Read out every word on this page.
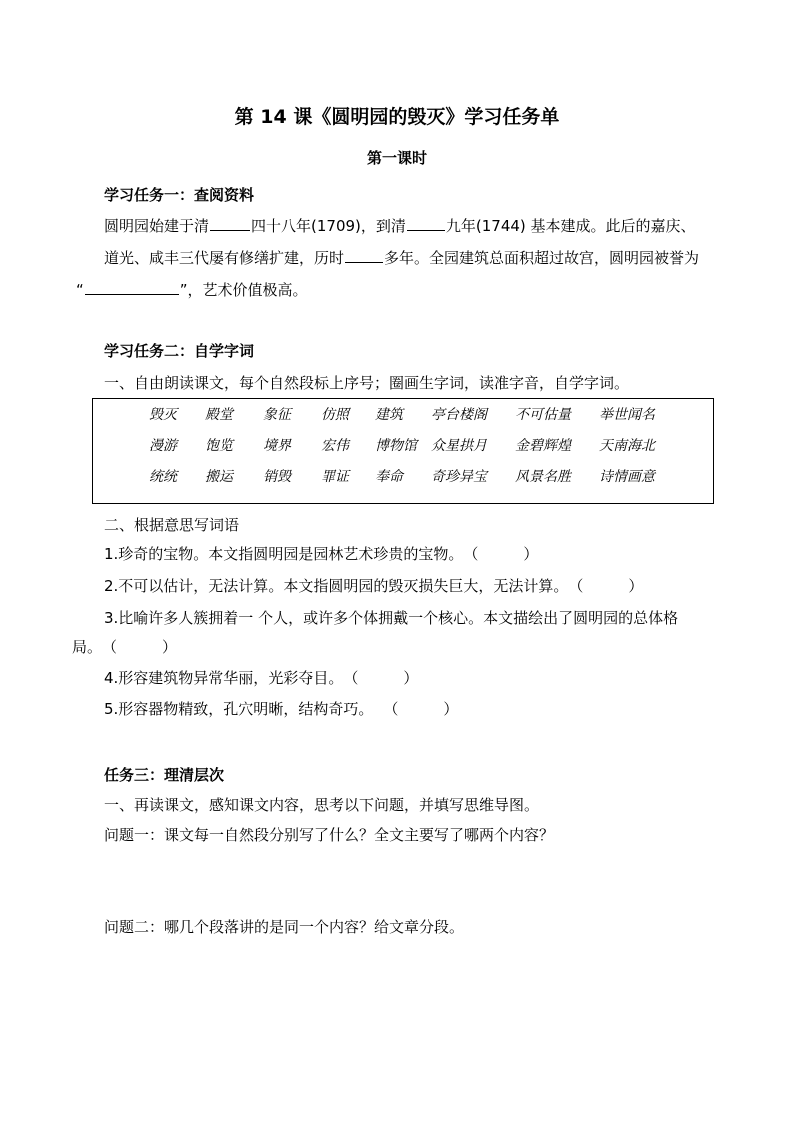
第 14 课《圆明园的毁灭》学习任务单
第一课时
学习任务一：查阅资料
圆明园始建于清	四十八年(1709)，到清	九年(1744) 基本建成。此后的嘉庆、
道光、咸丰三代屡有修缮扩建，历时	多年。全园建筑总面积超过故宫，圆明园被誉为
“	”，艺术价值极高。
学习任务二：自学字词
一、自由朗读课文，每个自然段标上序号；圈画生字词，读准字音，自学字词。
毁灭 殿堂 象征 仿照 建筑 亭台楼阁 不可估量 举世闻名
漫游 饱览 境界 宏伟 博物馆 众星拱月 金碧辉煌 天南海北
统统 搬运 销毁 罪证 奉命 奇珍异宝 风景名胜 诗情画意
二、根据意思写词语
1.珍奇的宝物。本文指圆明园是园林艺术珍贵的宝物。（　　　）
2.不可以估计，无法计算。本文指圆明园的毁灭损失巨大，无法计算。（　　　）
3.比喻许多人簇拥着一 个人，或许多个体拥戴一个核心。本文描绘出了圆明园的总体格
局。（　　　）
4.形容建筑物异常华丽，光彩夺目。（　　　）
5.形容器物精致，孔穴明晰，结构奇巧。 （　　　）
任务三：理清层次
一、再读课文，感知课文内容，思考以下问题，并填写思维导图。
问题一：课文每一自然段分别写了什么？全文主要写了哪两个内容？
问题二：哪几个段落讲的是同一个内容？给文章分段。
